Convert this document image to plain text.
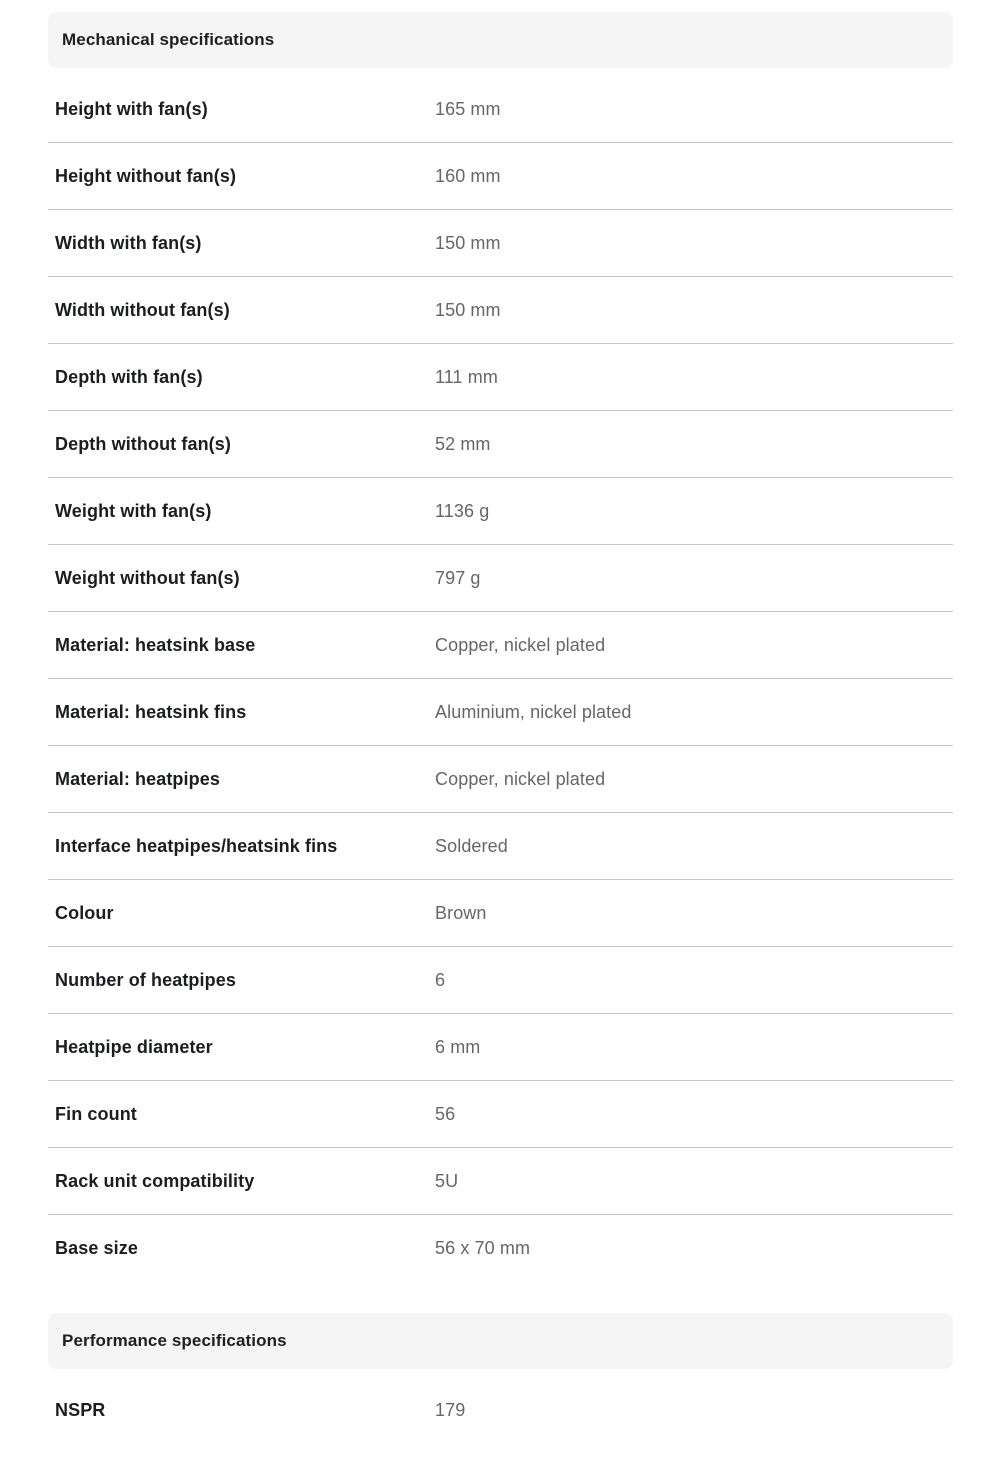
Mechanical specifications
Height with fan(s)	165 mm
Height without fan(s)	160 mm
Width with fan(s)	150 mm
Width without fan(s)	150 mm
Depth with fan(s)	111 mm
Depth without fan(s)	52 mm
Weight with fan(s)	1136 g
Weight without fan(s)	797 g
Material: heatsink base	Copper, nickel plated
Material: heatsink fins	Aluminium, nickel plated
Material: heatpipes	Copper, nickel plated
Interface heatpipes/heatsink fins	Soldered
Colour	Brown
Number of heatpipes	6
Heatpipe diameter	6 mm
Fin count	56
Rack unit compatibility	5U
Base size	56 x 70 mm
Performance specifications
NSPR	179
